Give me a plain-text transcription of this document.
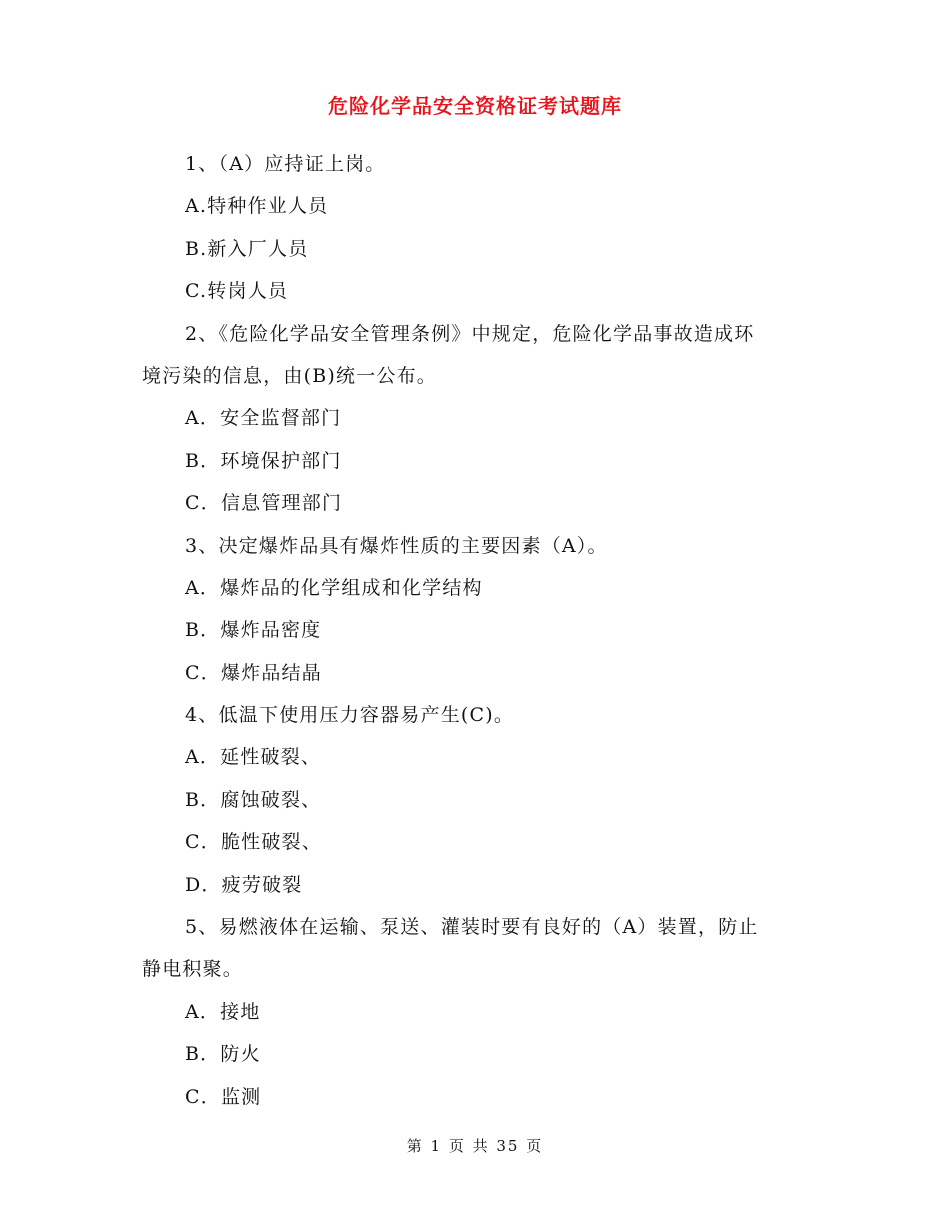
危险化学品安全资格证考试题库
1、（A）应持证上岗。
A.特种作业人员
B.新入厂人员
C.转岗人员
2、《危险化学品安全管理条例》中规定，危险化学品事故造成环
境污染的信息，由(B)统一公布。
A．安全监督部门
B．环境保护部门
C．信息管理部门
3、决定爆炸品具有爆炸性质的主要因素（A）。
A．爆炸品的化学组成和化学结构
B．爆炸品密度
C．爆炸品结晶
4、低温下使用压力容器易产生(C)。
A．延性破裂、
B．腐蚀破裂、
C．脆性破裂、
D．疲劳破裂
5、易燃液体在运输、泵送、灌装时要有良好的（A）装置，防止
静电积聚。
A．接地
B．防火
C．监测
第 1 页 共 35 页
